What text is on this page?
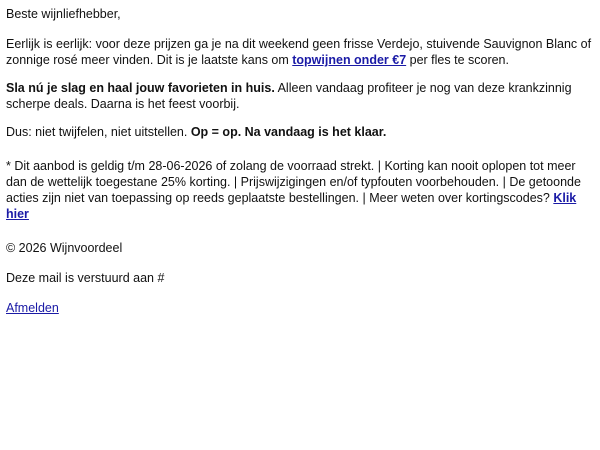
Beste wijnliefhebber,

Eerlijk is eerlijk: voor deze prijzen ga je na dit weekend geen frisse Verdejo, stuivende Sauvignon Blanc of zonnige rosé meer vinden. Dit is je laatste kans om topwijnen onder €7 per fles te scoren.

Sla nú je slag en haal jouw favorieten in huis. Alleen vandaag profiteer je nog van deze krankzinnig scherpe deals. Daarna is het feest voorbij.

Dus: niet twijfelen, niet uitstellen. Op = op. Na vandaag is het klaar.

* Dit aanbod is geldig t/m 28-06-2026 of zolang de voorraad strekt. | Korting kan nooit oplopen tot meer dan de wettelijk toegestane 25% korting. | Prijswijzigingen en/of typfouten voorbehouden. | De getoonde acties zijn niet van toepassing op reeds geplaatste bestellingen. | Meer weten over kortingscodes? Klik hier

© 2026 Wijnvoordeel

Deze mail is verstuurd aan #

Afmelden
